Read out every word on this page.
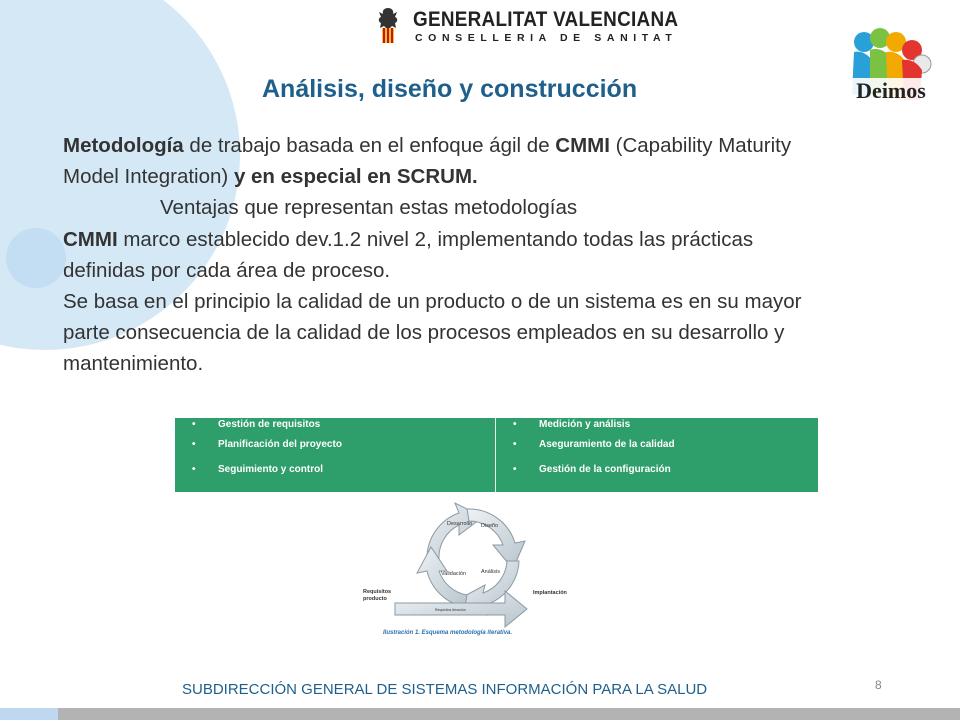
GENERALITAT VALENCIANA
CONSELLERIA DE SANITAT
Deimos
Análisis, diseño y construcción

Metodología de trabajo basada en el enfoque ágil de CMMI (Capability Maturity

Model Integration) y en especial en SCRUM.

Ventajas que representan estas metodologías

CMMI marco establecido dev.1.2 nivel 2, implementando todas las prácticas

definidas por cada área de proceso.

Se basa en el principio la calidad de un producto o de un sistema es en su mayor

parte consecuencia de la calidad de los procesos empleados en su desarrollo y

mantenimiento.

• Gestión de requisitos
• Planificación del proyecto
• Seguimiento y control
• Medición y análisis
• Aseguramiento de la calidad
• Gestión de la configuración
Desarrollo Diseño
Validación	Análisis
Requisitos
producto
Implantación
Requisitos Iteración
Ilustración 1. Esquema metodología iterativa.
SUBDIRECCIÓN GENERAL DE SISTEMAS INFORMACIÓN PARA LA SALUD	8
